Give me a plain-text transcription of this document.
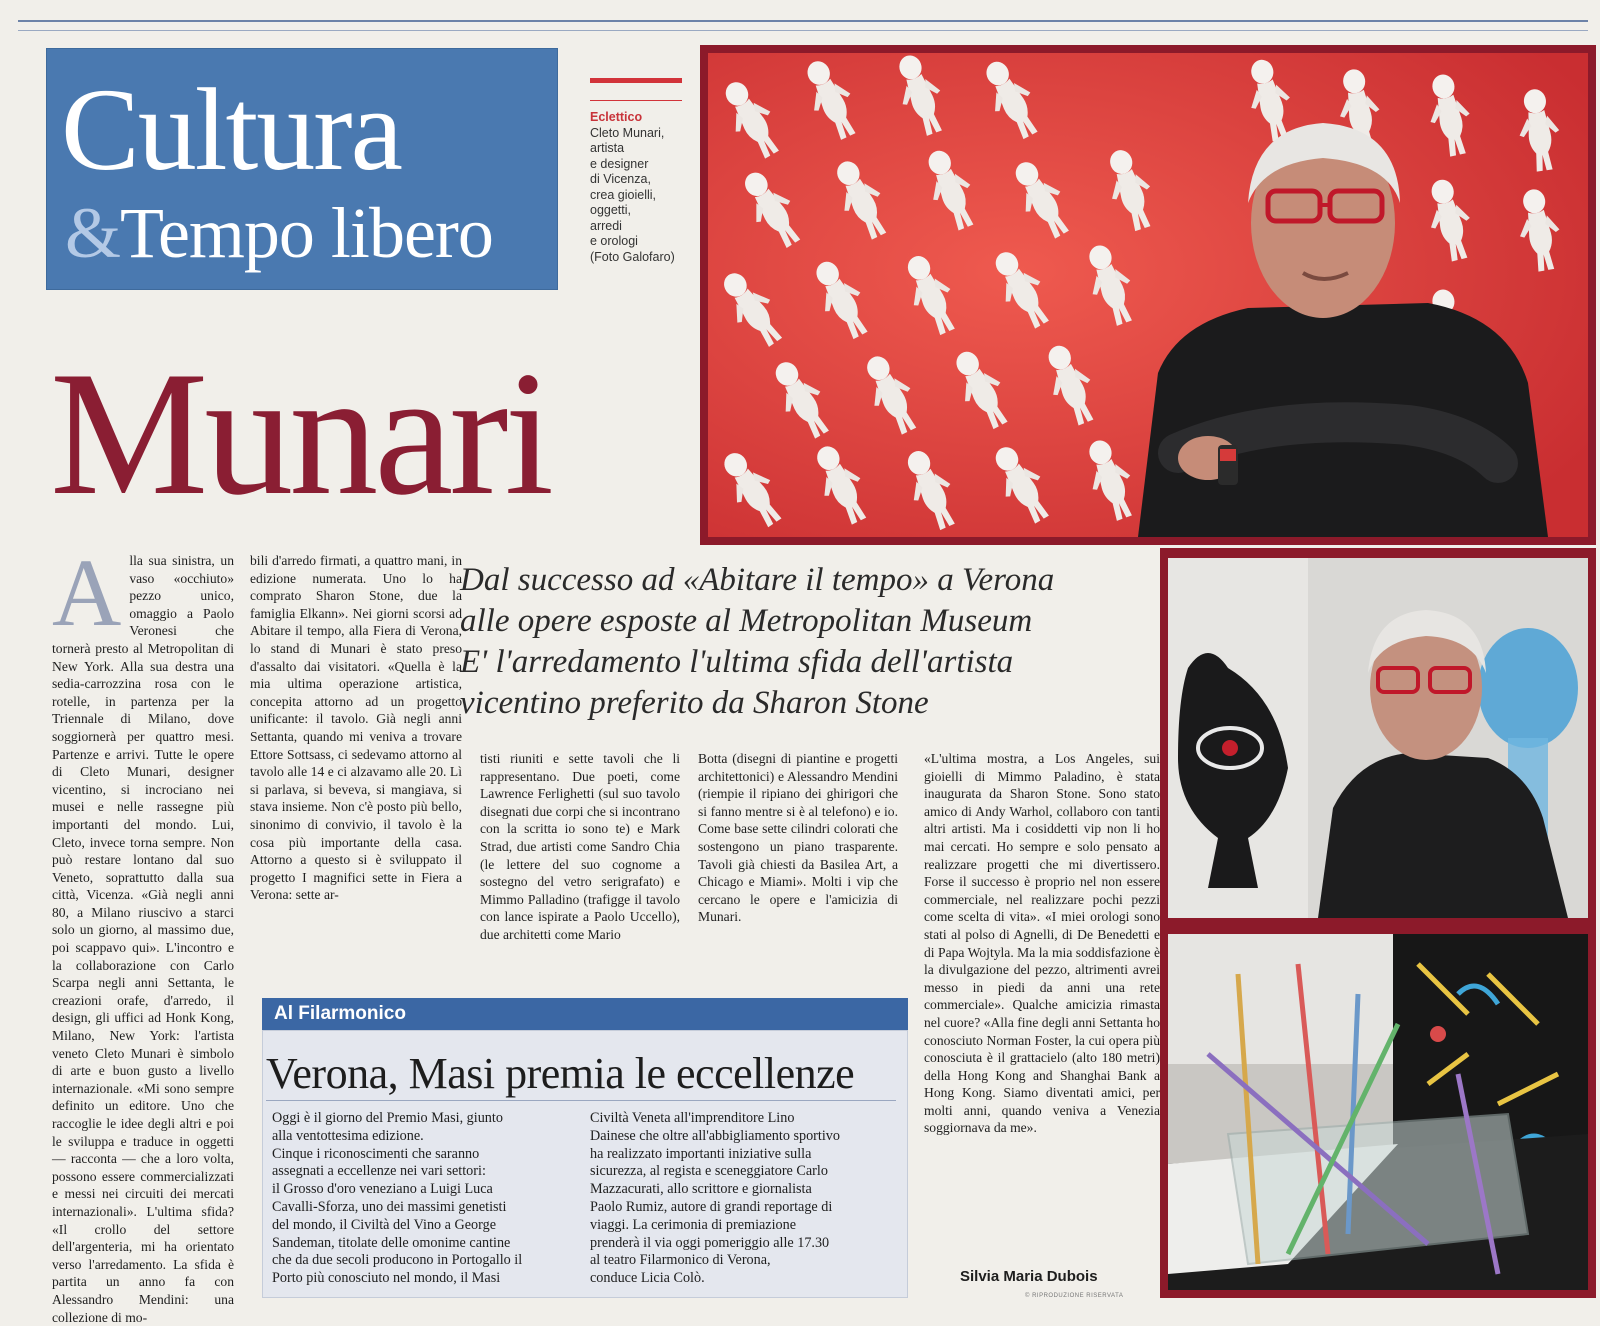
Cultura
&Tempo libero
Eclettico
Cleto Munari,
artista
e designer
di Vicenza,
crea gioielli,
oggetti,
arredi
e orologi
(Foto Galofaro)
Munari
Dal successo ad «Abitare il tempo» a Verona
alle opere esposte al Metropolitan Museum
E' l'arredamento l'ultima sfida dell'artista
vicentino preferito da Sharon Stone
A lla sua sinistra, un vaso «occhiuto» pezzo unico, omaggio a Paolo Veronesi che tornerà presto al Metropolitan di New York. Alla sua destra una sedia-carrozzina rosa con le rotelle, in partenza per la Triennale di Milano, dove soggiornerà per quattro mesi. Partenze e arrivi. Tutte le opere di Cleto Munari, designer vicentino, si incrociano nei musei e nelle rassegne più importanti del mondo. Lui, Cleto, invece torna sempre. Non può restare lontano dal suo Veneto, soprattutto dalla sua città, Vicenza. «Già negli anni 80, a Milano riuscivo a starci solo un giorno, al massimo due, poi scappavo qui». L'incontro e la collaborazione con Carlo Scarpa negli anni Settanta, le creazioni orafe, d'arredo, il design, gli uffici ad Honk Kong, Milano, New York: l'artista veneto Cleto Munari è simbolo di arte e buon gusto a livello internazionale. «Mi sono sempre definito un editore. Uno che raccoglie le idee degli altri e poi le sviluppa e traduce in oggetti — racconta — che a loro volta, possono essere commercializzati e messi nei circuiti dei mercati internazionali». L'ultima sfida? «Il crollo del settore dell'argenteria, mi ha orientato verso l'arredamento. La sfida è partita un anno fa con Alessandro Mendini: una collezione di mo-

bili d'arredo firmati, a quattro mani, in edizione numerata. Uno lo ha comprato Sharon Stone, due la famiglia Elkann». Nei giorni scorsi ad Abitare il tempo, alla Fiera di Verona, lo stand di Munari è stato preso d'assalto dai visitatori. «Quella è la mia ultima operazione artistica, concepita attorno ad un progetto unificante: il tavolo. Già negli anni Settanta, quando mi veniva a trovare Ettore Sottsass, ci sedevamo attorno al tavolo alle 14 e ci alzavamo alle 20. Lì si parlava, si beveva, si mangiava, si stava insieme. Non c'è posto più bello, sinonimo di convivio, il tavolo è la cosa più importante della casa. Attorno a questo si è sviluppato il progetto I magnifici sette in Fiera a Verona: sette ar-

tisti riuniti e sette tavoli che li rappresentano. Due poeti, come Lawrence Ferlighetti (sul suo tavolo disegnati due corpi che si incontrano con la scritta io sono te) e Mark Strad, due artisti come Sandro Chia (le lettere del suo cognome a sostegno del vetro serigrafato) e Mimmo Palladino (trafigge il tavolo con lance ispirate a Paolo Uccello), due architetti come Mario

Botta (disegni di piantine e progetti architettonici) e Alessandro Mendini (riempie il ripiano dei ghirigori che si fanno mentre si è al telefono) e io. Come base sette cilindri colorati che sostengono un piano trasparente. Tavoli già chiesti da Basilea Art, a Chicago e Miami». Molti i vip che cercano le opere e l'amicizia di Munari.

«L'ultima mostra, a Los Angeles, sui gioielli di Mimmo Paladino, è stata inaugurata da Sharon Stone. Sono stato amico di Andy Warhol, collaboro con tanti altri artisti. Ma i cosiddetti vip non li ho mai cercati. Ho sempre e solo pensato a realizzare progetti che mi divertissero. Forse il successo è proprio nel non essere commerciale, nel realizzare pochi pezzi come scelta di vita». «I miei orologi sono stati al polso di Agnelli, di De Benedetti e di Papa Wojtyla. Ma la mia soddisfazione è la divulgazione del pezzo, altrimenti avrei messo in piedi da anni una rete commerciale». Qualche amicizia rimasta nel cuore? «Alla fine degli anni Settanta ho conosciuto Norman Foster, la cui opera più conosciuta è il grattacielo (alto 180 metri) della Hong Kong and Shanghai Bank a Hong Kong. Siamo diventati amici, per molti anni, quando veniva a Venezia soggiornava da me».

Al Filarmonico
Verona, Masi premia le eccellenze
Oggi è il giorno del Premio Masi, giunto
alla ventottesima edizione.
Cinque i riconoscimenti che saranno
assegnati a eccellenze nei vari settori:
il Grosso d'oro veneziano a Luigi Luca
Cavalli-Sforza, uno dei massimi genetisti
del mondo, il Civiltà del Vino a George
Sandeman, titolate delle omonime cantine
che da due secoli producono in Portogallo il
Porto più conosciuto nel mondo, il Masi
Civiltà Veneta all'imprenditore Lino
Dainese che oltre all'abbigliamento sportivo
ha realizzato importanti iniziative sulla
sicurezza, al regista e sceneggiatore Carlo
Mazzacurati, allo scrittore e giornalista
Paolo Rumiz, autore di grandi reportage di
viaggi. La cerimonia di premiazione
prenderà il via oggi pomeriggio alle 17.30
al teatro Filarmonico di Verona,
conduce Licia Colò.	Silvia Maria Dubois
© RIPRODUZIONE RISERVATA
